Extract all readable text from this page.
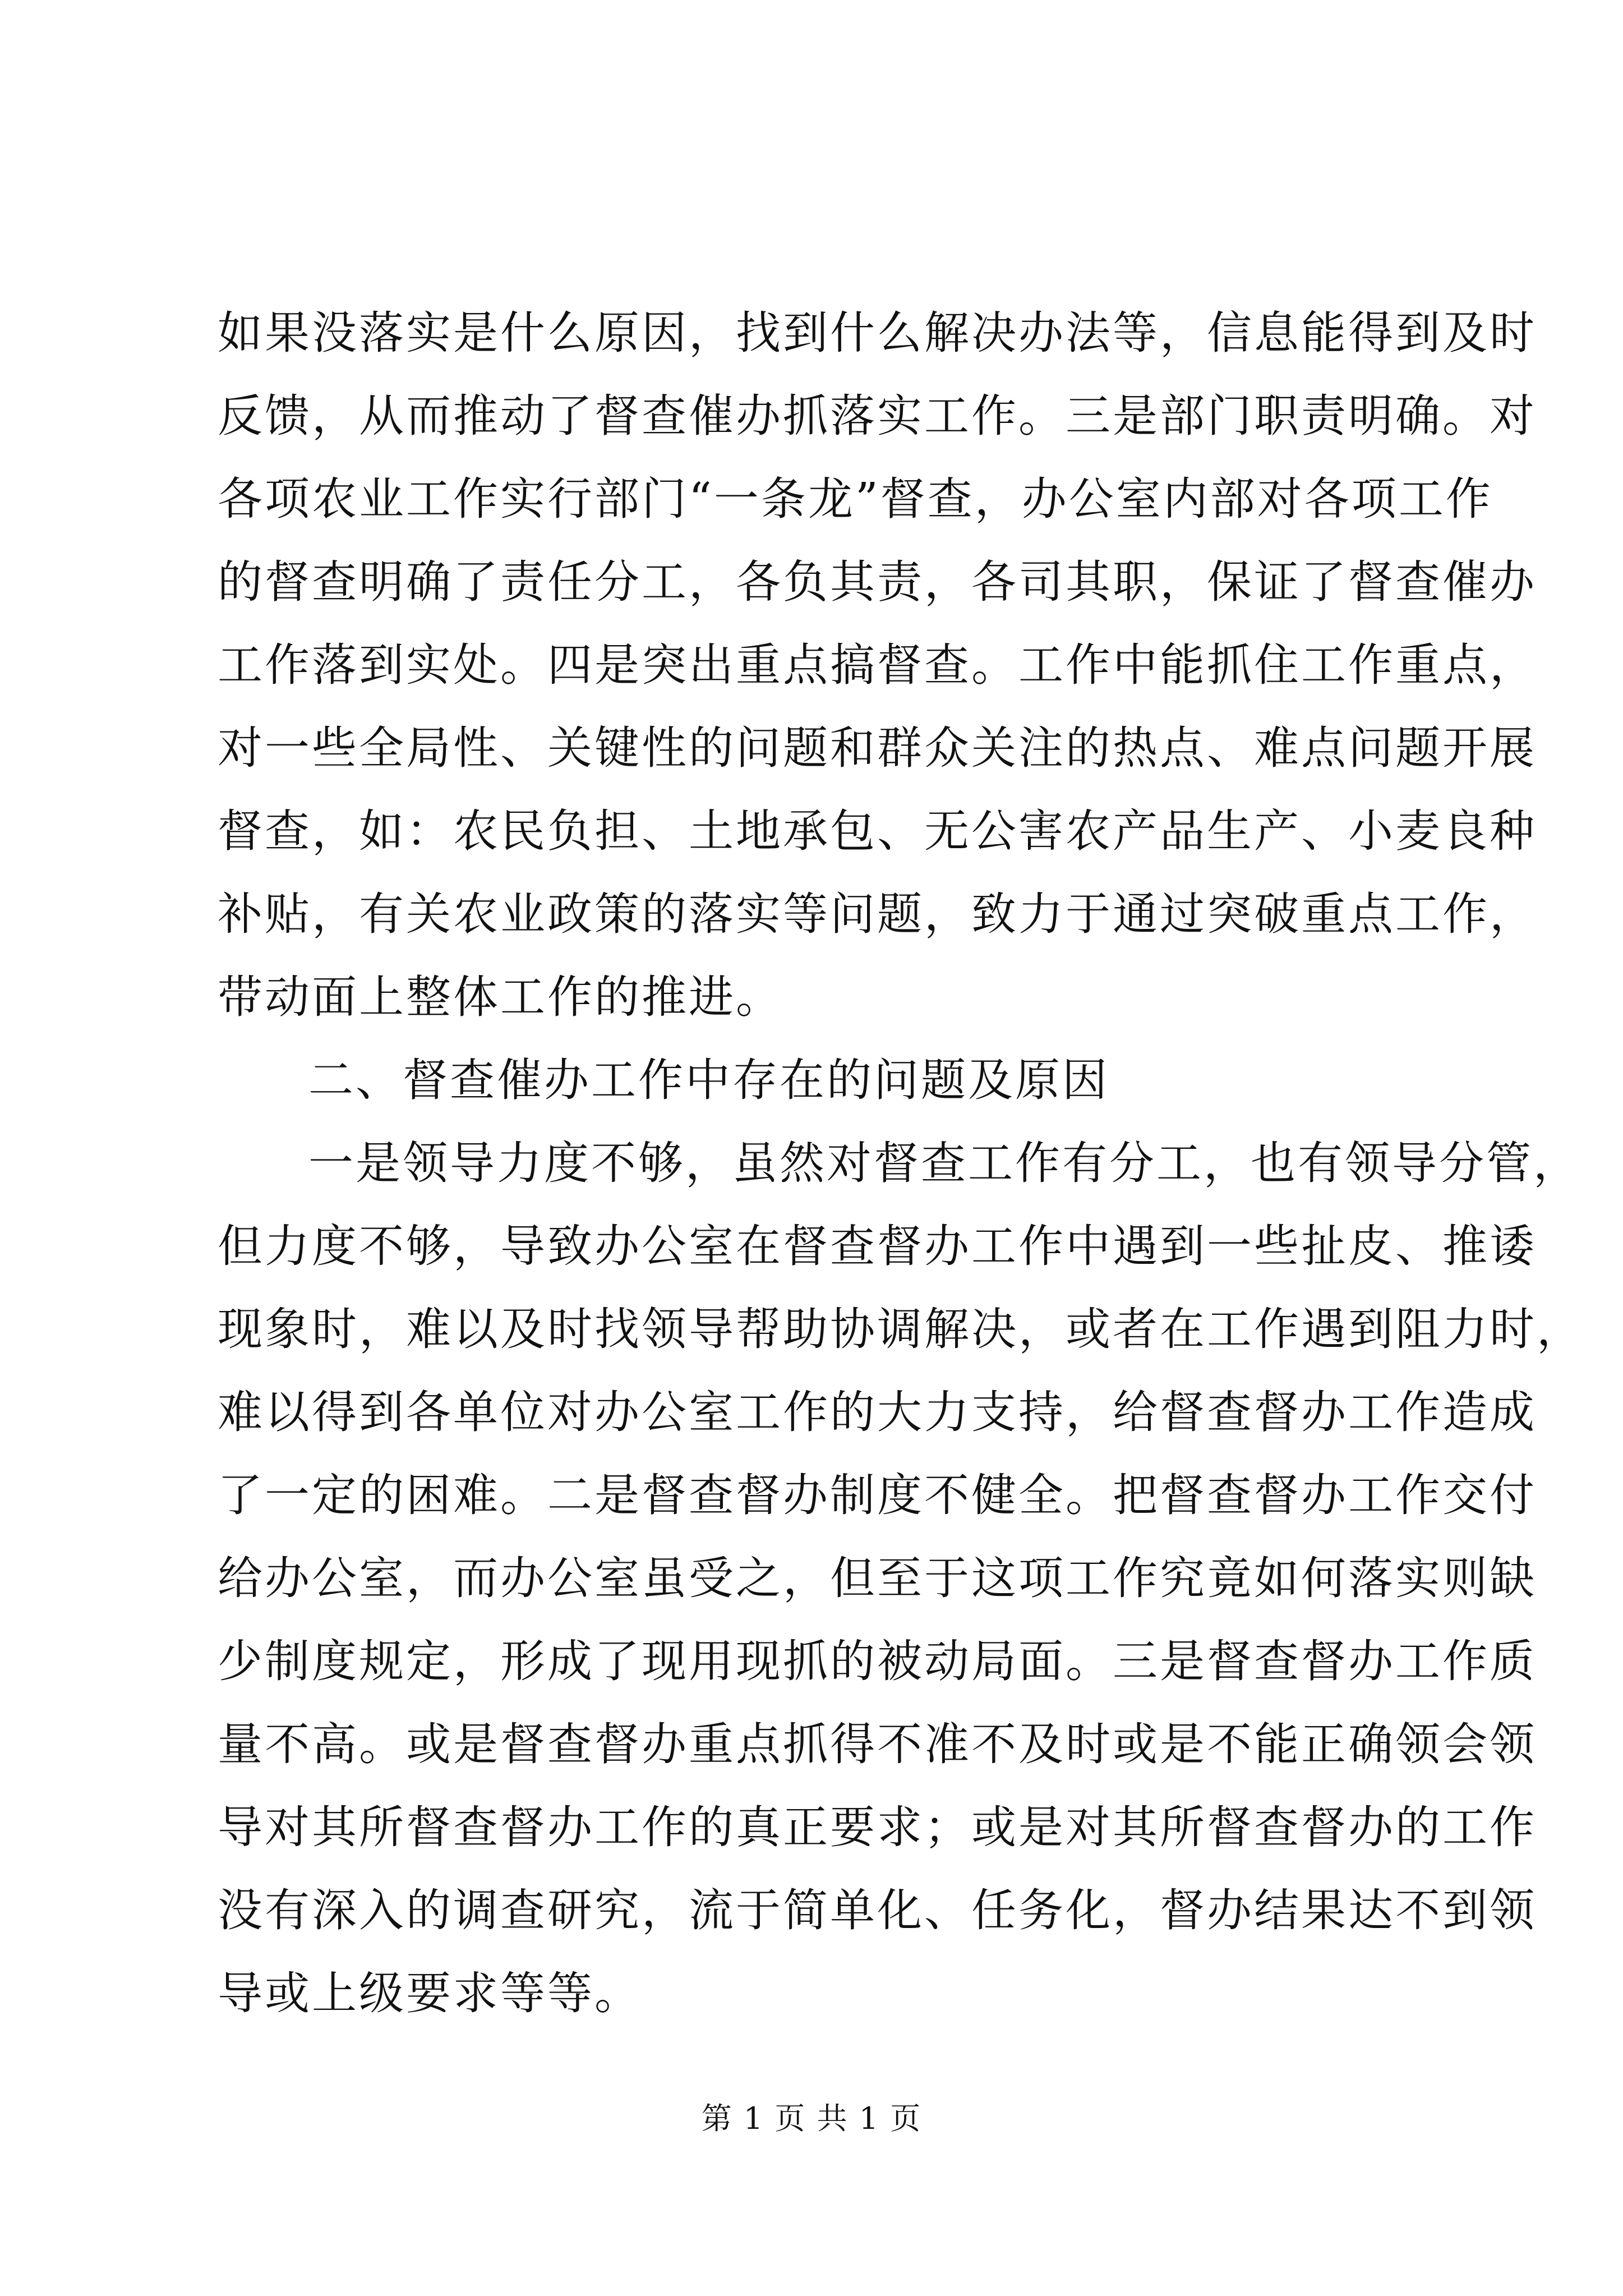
如果没落实是什么原因，找到什么解决办法等，信息能得到及时
反馈，从而推动了督查催办抓落实工作。三是部门职责明确。对
各项农业工作实行部门“一条龙”督查，办公室内部对各项工作
的督查明确了责任分工，各负其责，各司其职，保证了督查催办
工作落到实处。四是突出重点搞督查。工作中能抓住工作重点，
对一些全局性、关键性的问题和群众关注的热点、难点问题开展
督查，如：农民负担、土地承包、无公害农产品生产、小麦良种
补贴，有关农业政策的落实等问题，致力于通过突破重点工作，
带动面上整体工作的推进。
二、督查催办工作中存在的问题及原因
一是领导力度不够，虽然对督查工作有分工，也有领导分管，
但力度不够，导致办公室在督查督办工作中遇到一些扯皮、推诿
现象时，难以及时找领导帮助协调解决，或者在工作遇到阻力时，
难以得到各单位对办公室工作的大力支持，给督查督办工作造成
了一定的困难。二是督查督办制度不健全。把督查督办工作交付
给办公室，而办公室虽受之，但至于这项工作究竟如何落实则缺
少制度规定，形成了现用现抓的被动局面。三是督查督办工作质
量不高。或是督查督办重点抓得不准不及时或是不能正确领会领
导对其所督查督办工作的真正要求；或是对其所督查督办的工作
没有深入的调查研究，流于简单化、任务化，督办结果达不到领
导或上级要求等等。
第 1 页 共 1 页
